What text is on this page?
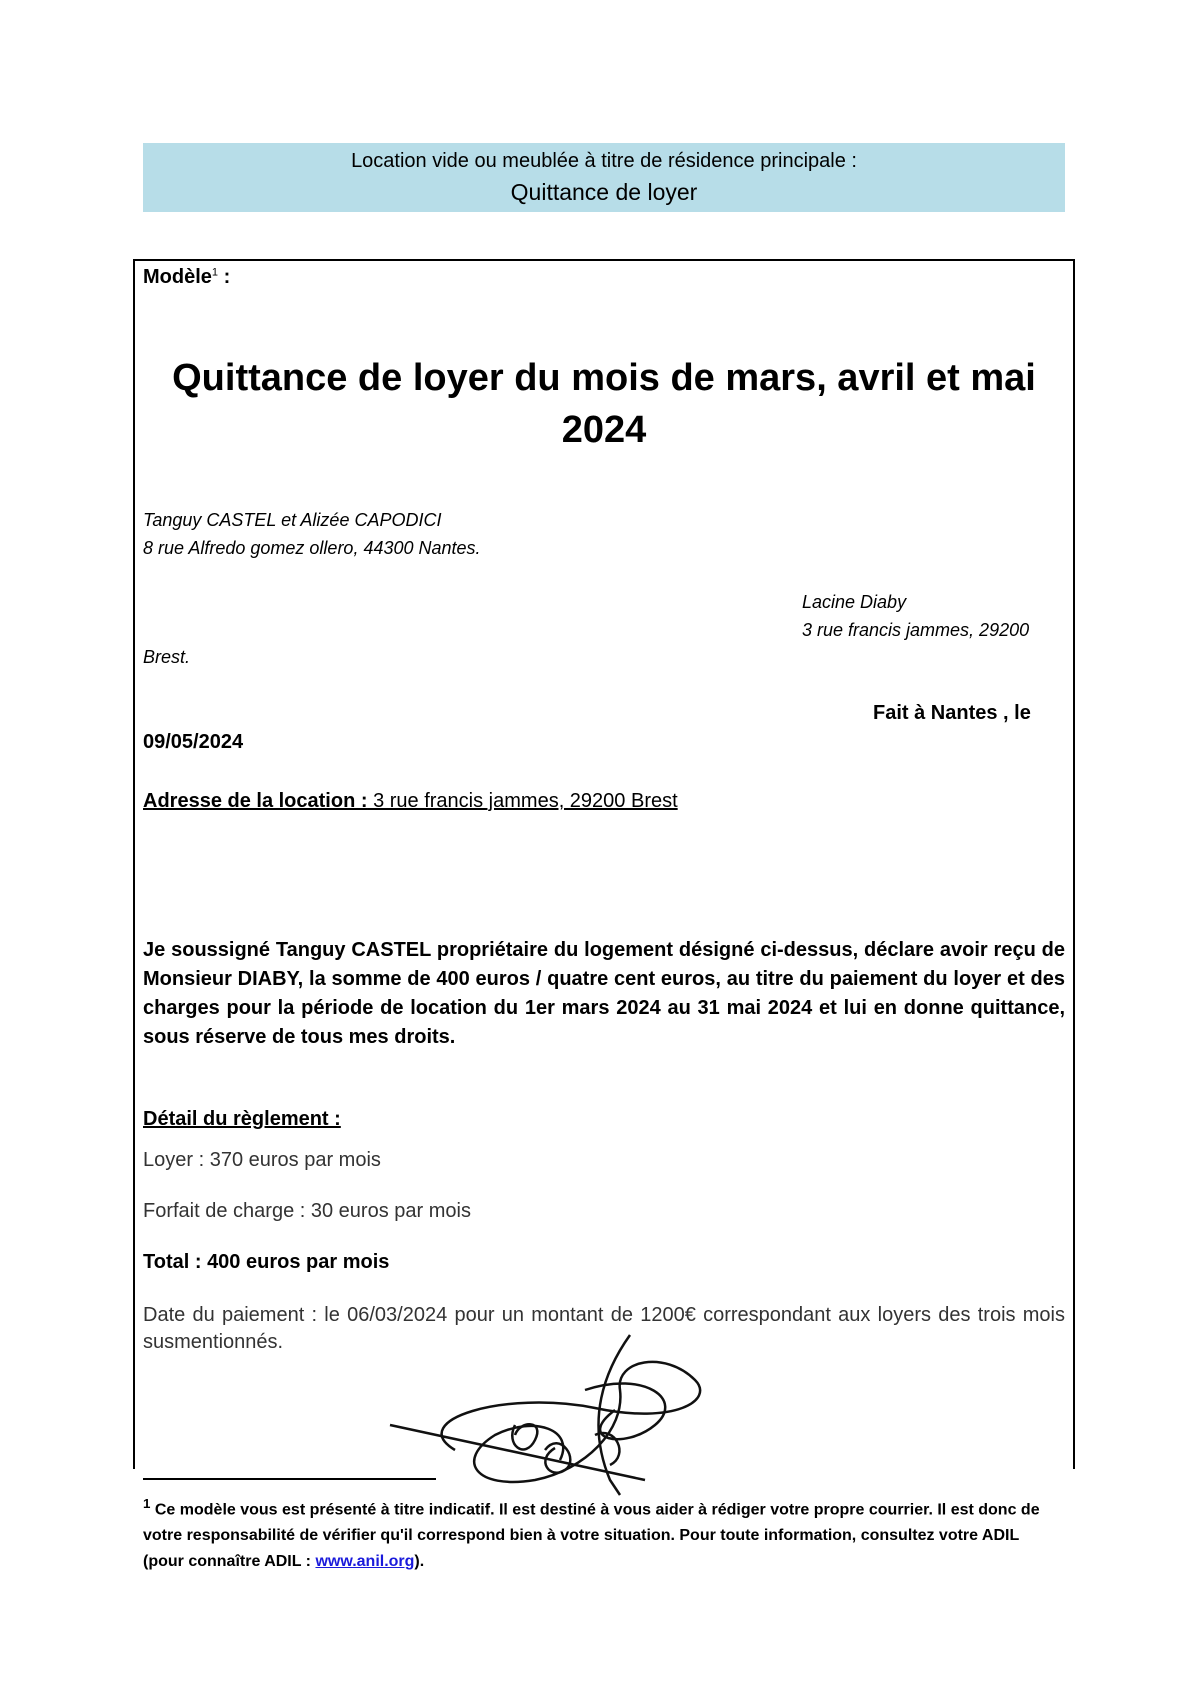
Location vide ou meublée à titre de résidence principale :
Quittance de loyer
Modèle$^1$ :
Quittance de loyer du mois de mars, avril et mai
2024
Tanguy CASTEL et Alizée CAPODICI
8 rue Alfredo gomez ollero, 44300 Nantes.
Lacine Diaby
3 rue francis jammes, 29200
Brest.
Fait à Nantes , le
09/05/2024
Adresse de la location : 3 rue francis jammes, 29200 Brest
Je soussigné Tanguy CASTEL propriétaire du logement désigné ci-dessus, déclare avoir reçu de Monsieur DIABY, la somme de 400 euros / quatre cent euros, au titre du paiement du loyer et des charges pour la période de location du 1er mars 2024 au 31 mai 2024 et lui en donne quittance, sous réserve de tous mes droits.
Détail du règlement :
Loyer : 370 euros par mois
Forfait de charge : 30 euros par mois
Total : 400 euros par mois
Date du paiement : le 06/03/2024 pour un montant de 1200€ correspondant aux loyers des trois mois susmentionnés.
$^1$ Ce modèle vous est présenté à titre indicatif. Il est destiné à vous aider à rédiger votre propre courrier. Il est donc de votre responsabilité de vérifier qu'il correspond bien à votre situation. Pour toute information, consultez votre ADIL (pour connaître ADIL : www.anil.org).
